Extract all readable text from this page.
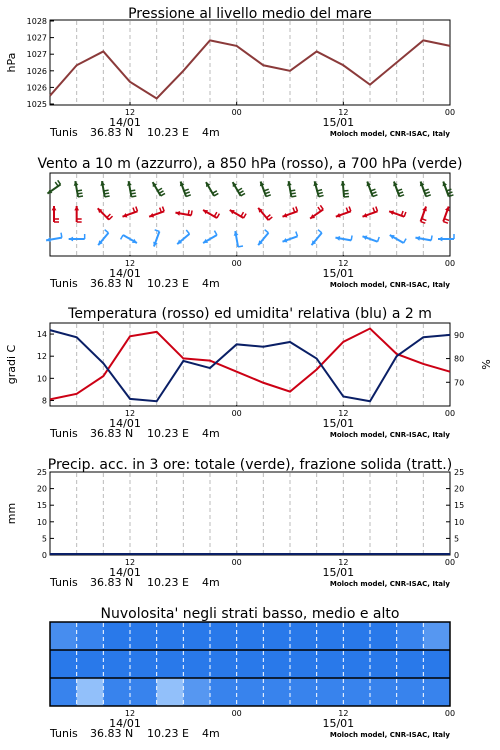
Pressione al livello medio del mare
12	00	12	00
14/01	15/01
Tunis 36.83 N 10.23 E 4m	Moloch model, CNR-ISAC, Italy
1025
1026
1026
1027
1027
1028
hPa
Vento a 10 m (azzurro), a 850 hPa (rosso), a 700 hPa (verde)
12	00	12	00
14/01	15/01
Tunis 36.83 N 10.23 E 4m	Moloch model, CNR-ISAC, Italy
Temperatura (rosso) ed umidita' relativa (blu) a 2 m
12	00	12	00
14/01	15/01
Tunis 36.83 N 10.23 E 4m	Moloch model, CNR-ISAC, Italy
8
10
12
14
70
80
90
gradi C	%
Precip. acc. in 3 ore: totale (verde), frazione solida (tratt.)
12	00	12	00
14/01	15/01
Tunis 36.83 N 10.23 E 4m	Moloch model, CNR-ISAC, Italy
0	0
5	5
10	10
15	15
20	20
25	25
mm
Nuvolosita' negli strati basso, medio e alto
12	00	12	00
14/01	15/01
Tunis 36.83 N 10.23 E 4m	Moloch model, CNR-ISAC, Italy
